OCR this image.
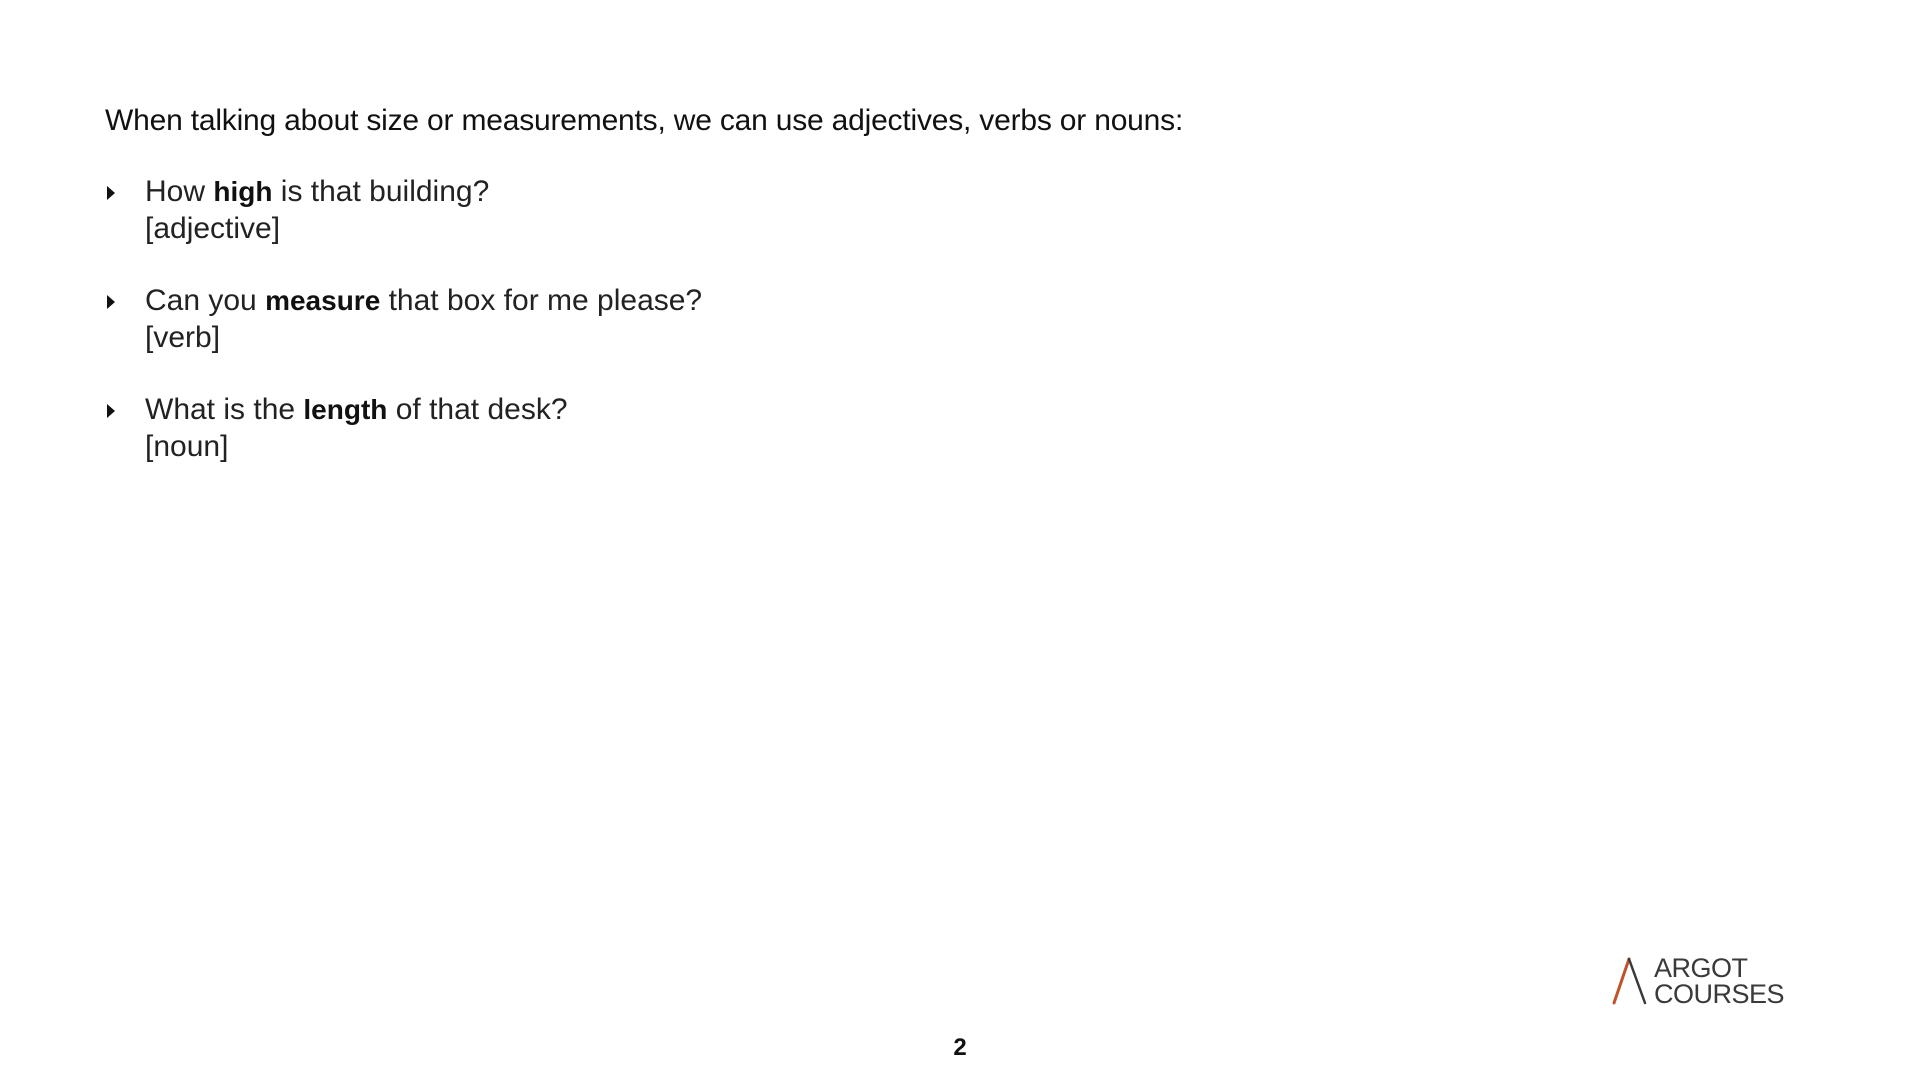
When talking about size or measurements, we can use adjectives, verbs or nouns:
How high is that building?
[adjective]
Can you measure that box for me please?
[verb]
What is the length of that desk?
[noun]
ARGOT
COURSES
2
